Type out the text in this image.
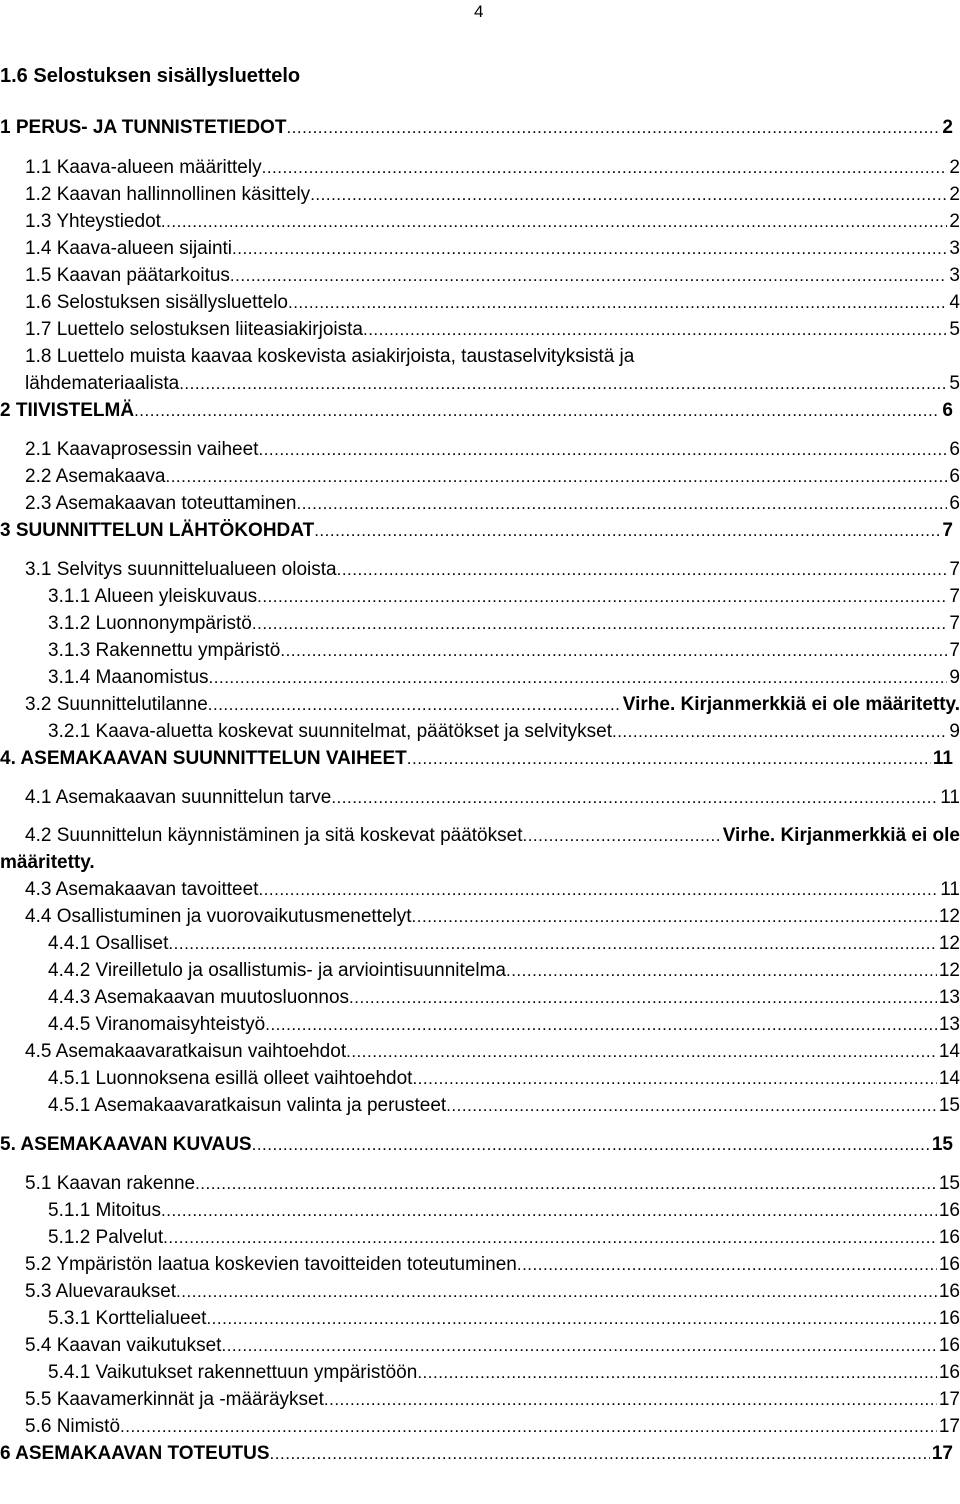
4
1.6 Selostuksen sisällysluettelo
1 PERUS- JA TUNNISTETIEDOT .....	2
1.1 Kaava-alueen määrittely .....	2
1.2 Kaavan hallinnollinen käsittely .....	2
1.3 Yhteystiedot .....	2
1.4 Kaava-alueen sijainti .....	3
1.5 Kaavan päätarkoitus .....	3
1.6 Selostuksen sisällysluettelo .....	4
1.7 Luettelo selostuksen liiteasiakirjoista .....	5
1.8 Luettelo muista kaavaa koskevista asiakirjoista, taustaselvityksistä ja
lähdemateriaalista .....	5
2 TIIVISTELMÄ .....	6
2.1 Kaavaprosessin vaiheet .....	6
2.2 Asemakaava .....	6
2.3 Asemakaavan toteuttaminen .....	6
3 SUUNNITTELUN LÄHTÖKOHDAT .....	7
3.1 Selvitys suunnittelualueen oloista .....	7
3.1.1 Alueen yleiskuvaus .....	7
3.1.2 Luonnonympäristö .....	7
3.1.3 Rakennettu ympäristö .....	7
3.1.4 Maanomistus .....	9
3.2 Suunnittelutilanne .....	Virhe. Kirjanmerkkiä ei ole määritetty.
3.2.1 Kaava-aluetta koskevat suunnitelmat, päätökset ja selvitykset .....	9
4. ASEMAKAAVAN SUUNNITTELUN VAIHEET .....	11
4.1 Asemakaavan suunnittelun tarve .....	11
4.2 Suunnittelun käynnistäminen ja sitä koskevat päätökset .....	Virhe. Kirjanmerkkiä ei ole
määritetty.
4.3 Asemakaavan tavoitteet .....	11
4.4 Osallistuminen ja vuorovaikutusmenettelyt .....	12
4.4.1 Osalliset .....	12
4.4.2 Vireilletulo ja osallistumis- ja arviointisuunnitelma .....	12
4.4.3 Asemakaavan muutosluonnos .....	13
4.4.5 Viranomaisyhteistyö .....	13
4.5 Asemakaavaratkaisun vaihtoehdot .....	14
4.5.1 Luonnoksena esillä olleet vaihtoehdot .....	14
4.5.1 Asemakaavaratkaisun valinta ja perusteet .....	15
5. ASEMAKAAVAN KUVAUS .....	15
5.1 Kaavan rakenne .....	15
5.1.1 Mitoitus .....	16
5.1.2 Palvelut .....	16
5.2 Ympäristön laatua koskevien tavoitteiden toteutuminen .....	16
5.3 Aluevaraukset .....	16
5.3.1 Korttelialueet .....	16
5.4 Kaavan vaikutukset .....	16
5.4.1 Vaikutukset rakennettuun ympäristöön .....	16
5.5 Kaavamerkinnät ja -määräykset .....	17
5.6 Nimistö .....	17
6 ASEMAKAAVAN TOTEUTUS .....	17
